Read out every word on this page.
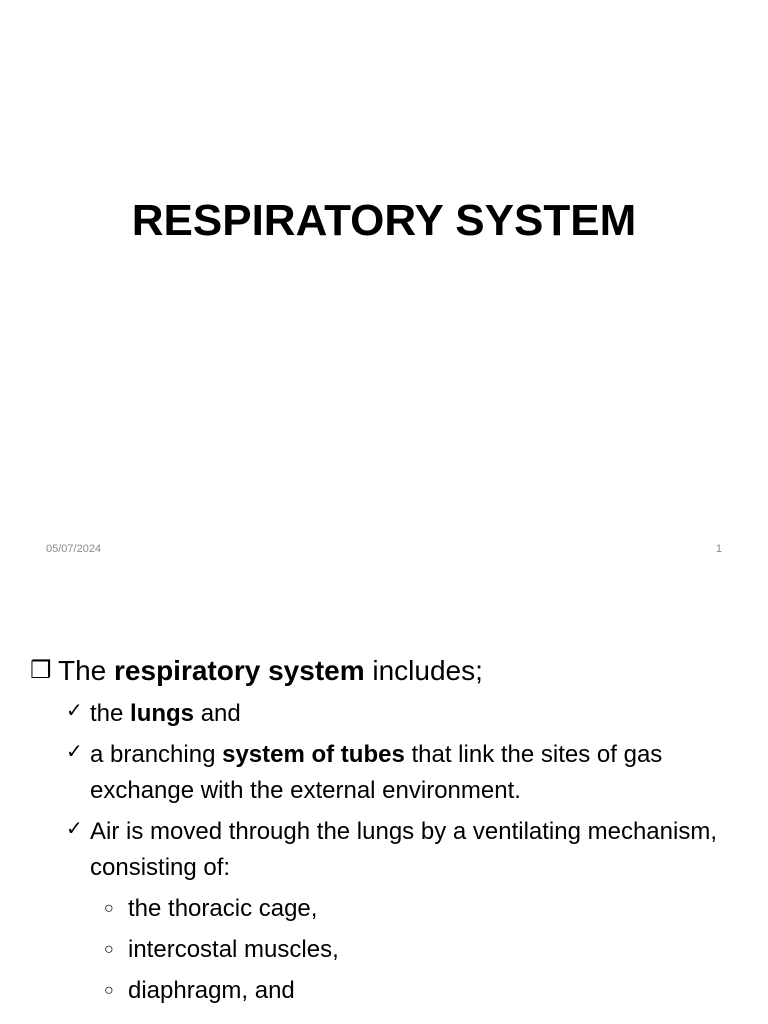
RESPIRATORY SYSTEM
05/07/2024	1
❒ The respiratory system includes;
✓ the lungs and
✓ a branching system of tubes that link the sites of gas exchange with the external environment.
✓ Air is moved through the lungs by a ventilating mechanism, consisting of:
○ the thoracic cage,
○ intercostal muscles,
○ diaphragm, and
